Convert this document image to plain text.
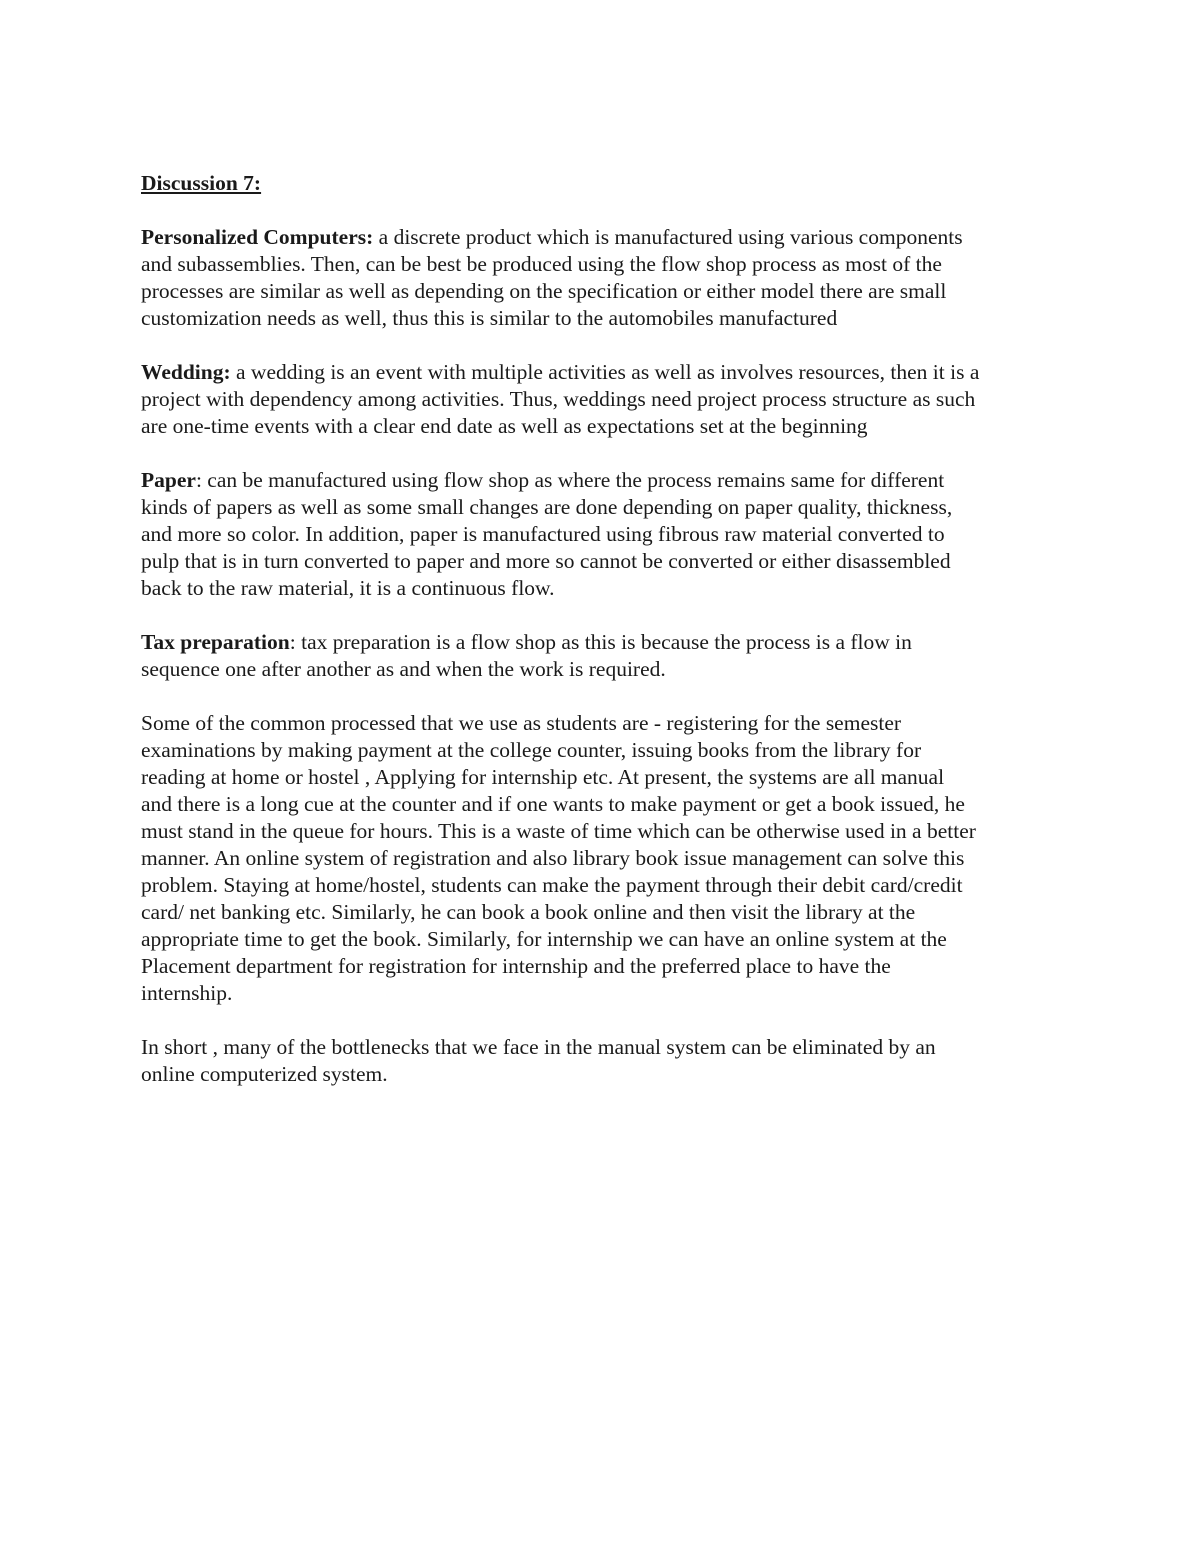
Discussion 7:
Personalized Computers: a discrete product which is manufactured using various components
and subassemblies. Then, can be best be produced using the flow shop process as most of the
processes are similar as well as depending on the specification or either model there are small
customization needs as well, thus this is similar to the automobiles manufactured
Wedding: a wedding is an event with multiple activities as well as involves resources, then it is a
project with dependency among activities. Thus, weddings need project process structure as such
are one-time events with a clear end date as well as expectations set at the beginning
Paper: can be manufactured using flow shop as where the process remains same for different
kinds of papers as well as some small changes are done depending on paper quality, thickness,
and more so color. In addition, paper is manufactured using fibrous raw material converted to
pulp that is in turn converted to paper and more so cannot be converted or either disassembled
back to the raw material, it is a continuous flow.
Tax preparation: tax preparation is a flow shop as this is because the process is a flow in
sequence one after another as and when the work is required.
Some of the common processed that we use as students are - registering for the semester
examinations by making payment at the college counter, issuing books from the library for
reading at home or hostel , Applying for internship etc. At present, the systems are all manual
and there is a long cue at the counter and if one wants to make payment or get a book issued, he
must stand in the queue for hours. This is a waste of time which can be otherwise used in a better
manner. An online system of registration and also library book issue management can solve this
problem. Staying at home/hostel, students can make the payment through their debit card/credit
card/ net banking etc. Similarly, he can book a book online and then visit the library at the
appropriate time to get the book. Similarly, for internship we can have an online system at the
Placement department for registration for internship and the preferred place to have the
internship.
In short , many of the bottlenecks that we face in the manual system can be eliminated by an
online computerized system.
